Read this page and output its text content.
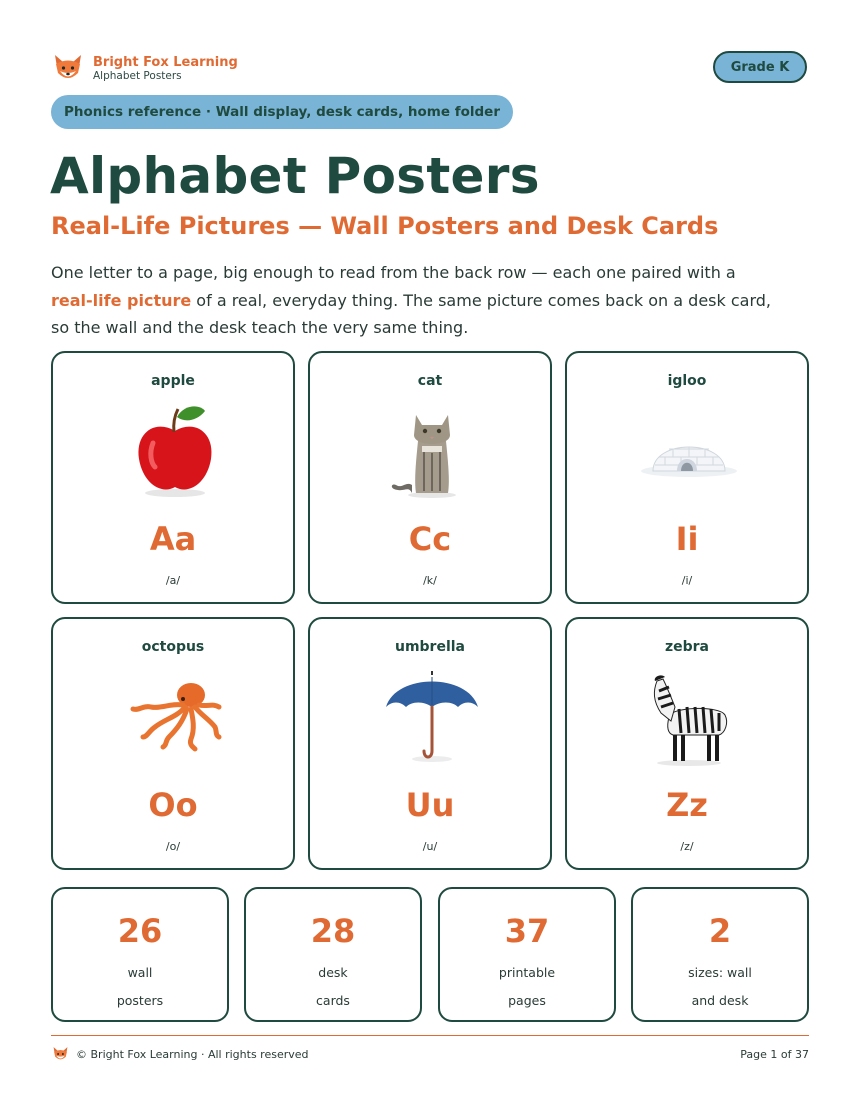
Bright Fox Learning
Alphabet Posters
Grade K
Phonics reference · Wall display, desk cards, home folder
Alphabet Posters
Real-Life Pictures — Wall Posters and Desk Cards

One letter to a page, big enough to read from the back row — each one paired with a real-life picture of a real, everyday thing. The same picture comes back on a desk card, so the wall and the desk teach the very same thing.

apple
Aa
/a/
cat
Cc
/k/
igloo
Ii
/i/
octopus
Oo
/o/
umbrella
Uu
/u/
zebra
Zz
/z/
26
wall
posters
28
desk
cards
37
printable
pages
2
sizes: wall
and desk
© Bright Fox Learning · All rights reserved	Page 1 of 37
